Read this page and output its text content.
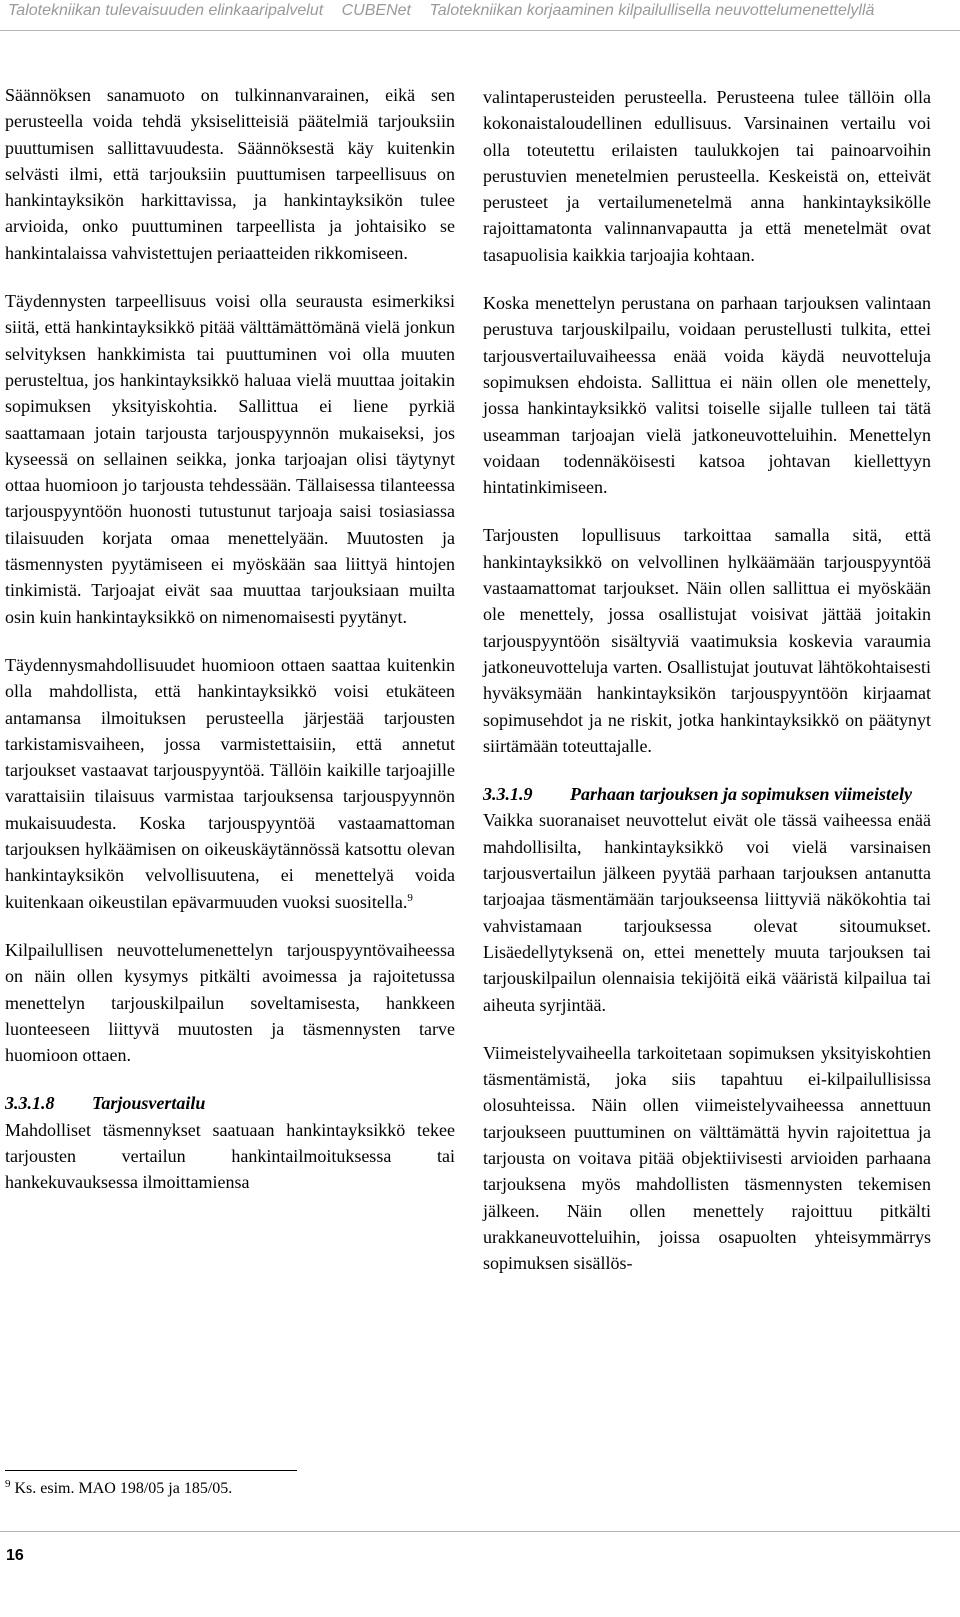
Talotekniikan tulevaisuuden elinkaaripalvelut CUBENet Talotekniikan korjaaminen kilpailullisella neuvottelumenettelyllä

Säännöksen sanamuoto on tulkinnanvarainen, eikä sen perusteella voida tehdä yksiselitteisiä päätelmiä tarjouksiin puuttumisen sallittavuudesta. Säännöksestä käy kuitenkin selvästi ilmi, että tarjouksiin puuttumisen tarpeellisuus on hankintayksikön harkittavissa, ja hankintayksikön tulee arvioida, onko puuttuminen tarpeellista ja johtaisiko se hankintalaissa vahvistettujen periaatteiden rikkomiseen.

Täydennysten tarpeellisuus voisi olla seurausta esimerkiksi siitä, että hankintayksikkö pitää välttämättömänä vielä jonkun selvityksen hankkimista tai puuttuminen voi olla muuten perusteltua, jos hankintayksikkö haluaa vielä muuttaa joitakin sopimuksen yksityiskohtia. Sallittua ei liene pyrkiä saattamaan jotain tarjousta tarjouspyynnön mukaiseksi, jos kyseessä on sellainen seikka, jonka tarjoajan olisi täytynyt ottaa huomioon jo tarjousta tehdessään. Tällaisessa tilanteessa tarjouspyyntöön huonosti tutustunut tarjoaja saisi tosiasiassa tilaisuuden korjata omaa menettelyään. Muutosten ja täsmennysten pyytämiseen ei myöskään saa liittyä hintojen tinkimistä. Tarjoajat eivät saa muuttaa tarjouksiaan muilta osin kuin hankintayksikkö on nimenomaisesti pyytänyt.

Täydennysmahdollisuudet huomioon ottaen saattaa kuitenkin olla mahdollista, että hankintayksikkö voisi etukäteen antamansa ilmoituksen perusteella järjestää tarjousten tarkistamisvaiheen, jossa varmistettaisiin, että annetut tarjoukset vastaavat tarjouspyyntöä. Tällöin kaikille tarjoajille varattaisiin tilaisuus varmistaa tarjouksensa tarjouspyynnön mukaisuudesta. Koska tarjouspyyntöä vastaamattoman tarjouksen hylkäämisen on oikeuskäytännössä katsottu olevan hankintayksikön velvollisuutena, ei menettelyä voida kuitenkaan oikeustilan epävarmuuden vuoksi suositella.$^9$

Kilpailullisen neuvottelumenettelyn tarjouspyyntövaiheessa on näin ollen kysymys pitkälti avoimessa ja rajoitetussa menettelyn tarjouskilpailun soveltamisesta, hankkeen luonteeseen liittyvä muutosten ja täsmennysten tarve huomioon ottaen.

3.3.1.8	Tarjousvertailu

Mahdolliset täsmennykset saatuaan hankintayksikkö tekee tarjousten vertailun hankintailmoituksessa tai hankekuvauksessa ilmoittamiensa

valintaperusteiden perusteella. Perusteena tulee tällöin olla kokonaistaloudellinen edullisuus. Varsinainen vertailu voi olla toteutettu erilaisten taulukkojen tai painoarvoihin perustuvien menetelmien perusteella. Keskeistä on, etteivät perusteet ja vertailumenetelmä anna hankintayksikölle rajoittamatonta valinnanvapautta ja että menetelmät ovat tasapuolisia kaikkia tarjoajia kohtaan.

Koska menettelyn perustana on parhaan tarjouksen valintaan perustuva tarjouskilpailu, voidaan perustellusti tulkita, ettei tarjousvertailuvaiheessa enää voida käydä neuvotteluja sopimuksen ehdoista. Sallittua ei näin ollen ole menettely, jossa hankintayksikkö valitsi toiselle sijalle tulleen tai tätä useamman tarjoajan vielä jatkoneuvotteluihin. Menettelyn voidaan todennäköisesti katsoa johtavan kiellettyyn hintatinkimiseen.

Tarjousten lopullisuus tarkoittaa samalla sitä, että hankintayksikkö on velvollinen hylkäämään tarjouspyyntöä vastaamattomat tarjoukset. Näin ollen sallittua ei myöskään ole menettely, jossa osallistujat voisivat jättää joitakin tarjouspyyntöön sisältyviä vaatimuksia koskevia varaumia jatkoneuvotteluja varten. Osallistujat joutuvat lähtökohtaisesti hyväksymään hankintayksikön tarjouspyyntöön kirjaamat sopimusehdot ja ne riskit, jotka hankintayksikkö on päätynyt siirtämään toteuttajalle.

3.3.1.9	Parhaan tarjouksen ja sopimuksen viimeistely

Vaikka suoranaiset neuvottelut eivät ole tässä vaiheessa enää mahdollisilta, hankintayksikkö voi vielä varsinaisen tarjousvertailun jälkeen pyytää parhaan tarjouksen antanutta tarjoajaa täsmentämään tarjoukseensa liittyviä näkökohtia tai vahvistamaan tarjouksessa olevat sitoumukset. Lisäedellytyksenä on, ettei menettely muuta tarjouksen tai tarjouskilpailun olennaisia tekijöitä eikä vääristä kilpailua tai aiheuta syrjintää.

Viimeistelyvaiheella tarkoitetaan sopimuksen yksityiskohtien täsmentämistä, joka siis tapahtuu ei-kilpailullisissa olosuhteissa. Näin ollen viimeistelyvaiheessa annettuun tarjoukseen puuttuminen on välttämättä hyvin rajoitettua ja tarjousta on voitava pitää objektiivisesti arvioiden parhaana tarjouksena myös mahdollisten täsmennysten tekemisen jälkeen. Näin ollen menettely rajoittuu pitkälti urakkaneuvotteluihin, joissa osapuolten yhteisymmärrys sopimuksen sisällös-

$^9$ Ks. esim. MAO 198/05 ja 185/05.
16
